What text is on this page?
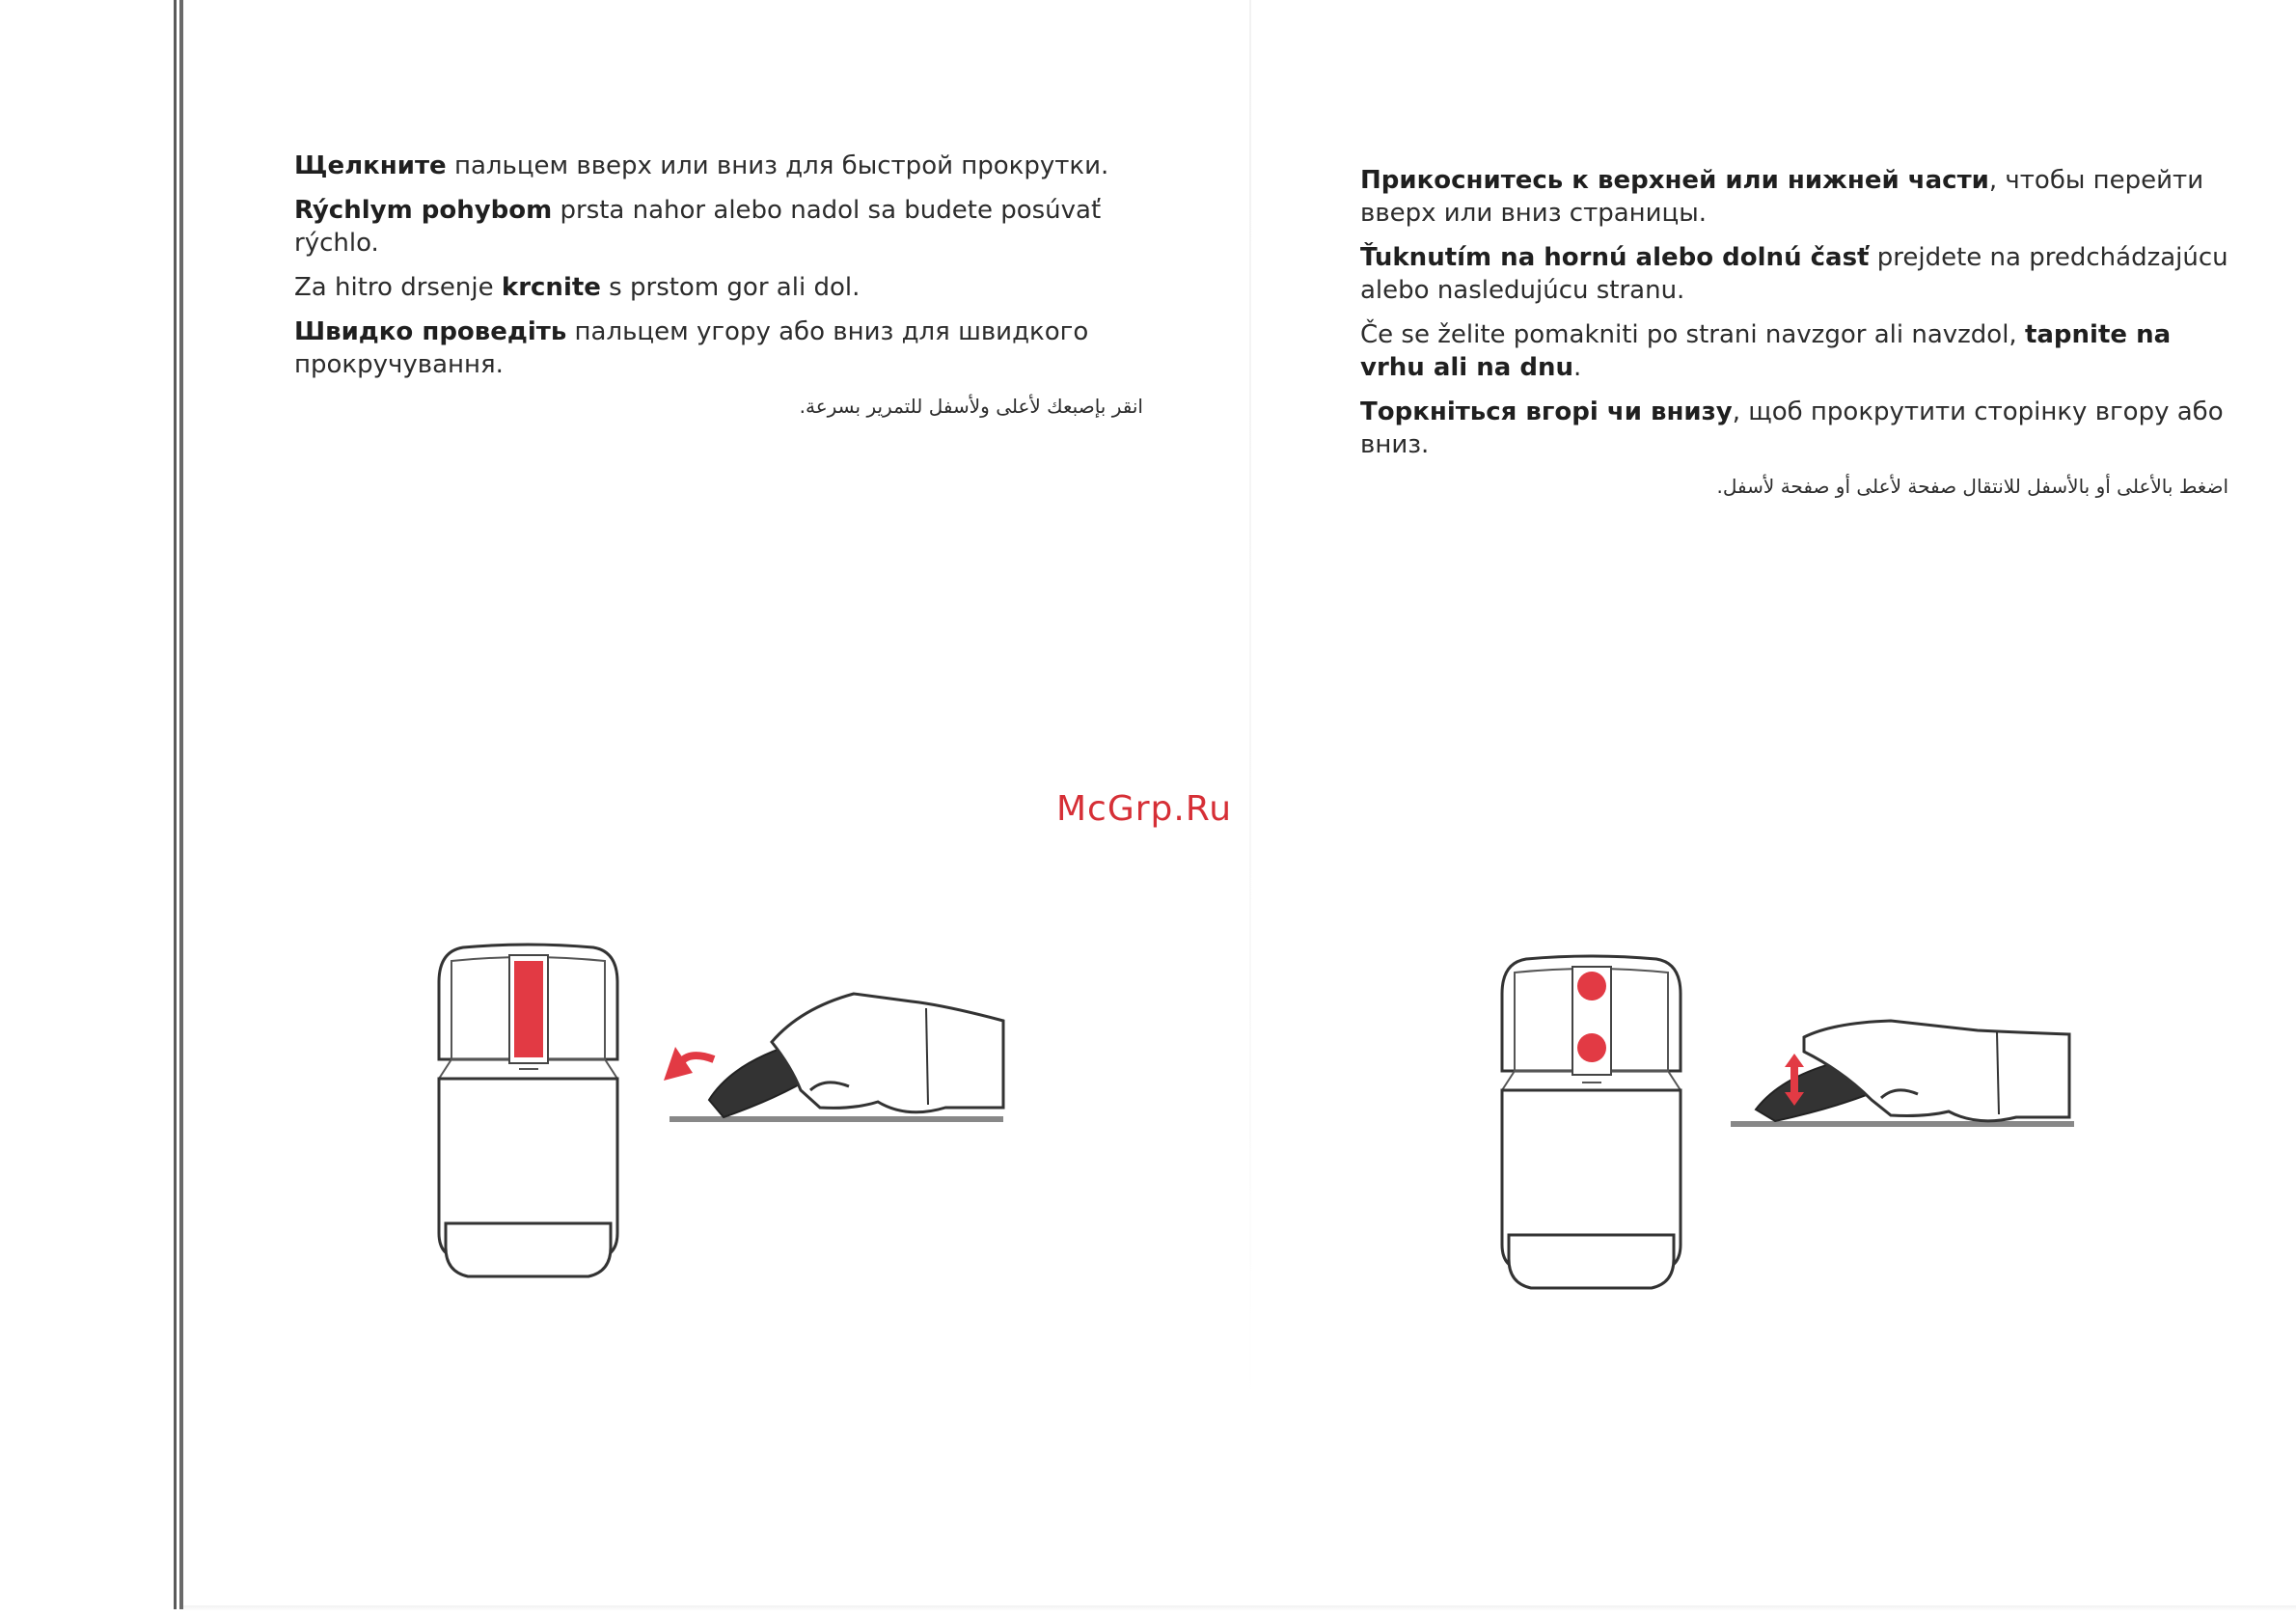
Щелкните пальцем вверх или вниз для быстрой прокрутки.

Rýchlym pohybom prsta nahor alebo nadol sa budete posúvať rýchlo.

Za hitro drsenje krcnite s prstom gor ali dol.

Швидко проведіть пальцем угору або вниз для швидкого прокручування.

انقر بإصبعك لأعلى ولأسفل للتمرير بسرعة.

Прикоснитесь к верхней или нижней части, чтобы перейти вверх или вниз страницы.

Ťuknutím na hornú alebo dolnú časť prejdete na predchádzajúcu alebo nasledujúcu stranu.

Če se želite pomakniti po strani navzgor ali navzdol, tapnite na vrhu ali na dnu.

Торкніться вгорі чи внизу, щоб прокрутити сторінку вгору або вниз.

اضغط بالأعلى أو بالأسفل للانتقال صفحة لأعلى أو صفحة لأسفل.

McGrp.Ru
